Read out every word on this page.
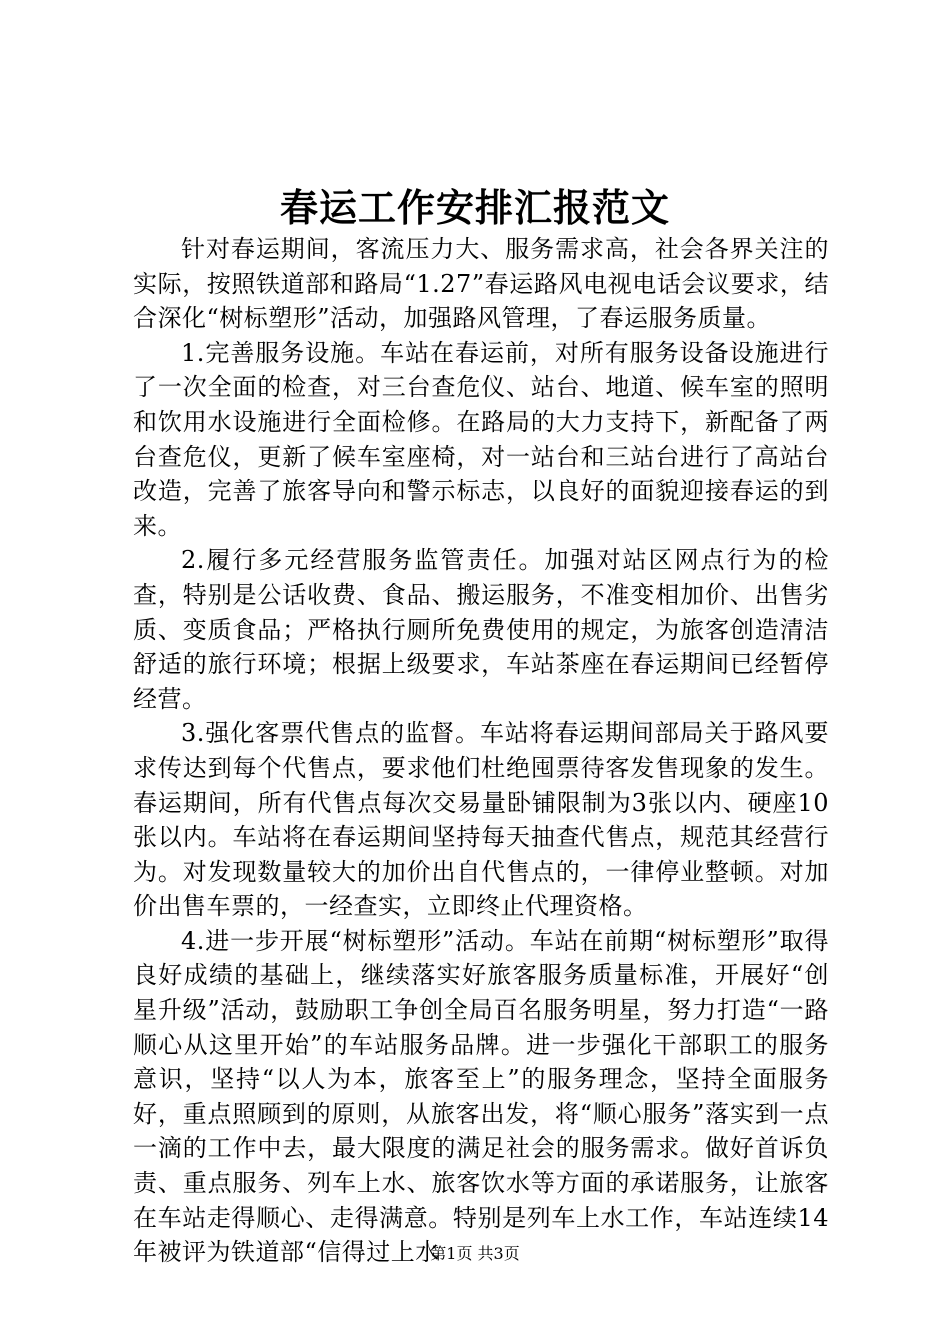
春运工作安排汇报范文

针对春运期间，客流压力大、服务需求高，社会各界关注的实际，按照铁道部和路局“1.27”春运路风电视电话会议要求，结合深化“树标塑形”活动，加强路风管理，了春运服务质量。

1.完善服务设施。车站在春运前，对所有服务设备设施进行了一次全面的检查，对三台查危仪、站台、地道、候车室的照明和饮用水设施进行全面检修。在路局的大力支持下，新配备了两台查危仪，更新了候车室座椅，对一站台和三站台进行了高站台改造，完善了旅客导向和警示标志，以良好的面貌迎接春运的到来。

2.履行多元经营服务监管责任。加强对站区网点行为的检查，特别是公话收费、食品、搬运服务，不准变相加价、出售劣质、变质食品；严格执行厕所免费使用的规定，为旅客创造清洁舒适的旅行环境；根据上级要求，车站茶座在春运期间已经暂停经营。

3.强化客票代售点的监督。车站将春运期间部局关于路风要求传达到每个代售点，要求他们杜绝囤票待客发售现象的发生。春运期间，所有代售点每次交易量卧铺限制为3张以内、硬座10张以内。车站将在春运期间坚持每天抽查代售点，规范其经营行为。对发现数量较大的加价出自代售点的，一律停业整顿。对加价出售车票的，一经查实，立即终止代理资格。

4.进一步开展“树标塑形”活动。车站在前期“树标塑形”取得良好成绩的基础上，继续落实好旅客服务质量标准，开展好“创星升级”活动，鼓励职工争创全局百名服务明星，努力打造“一路顺心从这里开始”的车站服务品牌。进一步强化干部职工的服务意识，坚持“以人为本，旅客至上”的服务理念，坚持全面服务好，重点照顾到的原则，从旅客出发，将“顺心服务”落实到一点一滴的工作中去，最大限度的满足社会的服务需求。做好首诉负责、重点服务、列车上水、旅客饮水等方面的承诺服务，让旅客在车站走得顺心、走得满意。特别是列车上水工作，车站连续14年被评为铁道部“信得过上水

第1页 共3页
